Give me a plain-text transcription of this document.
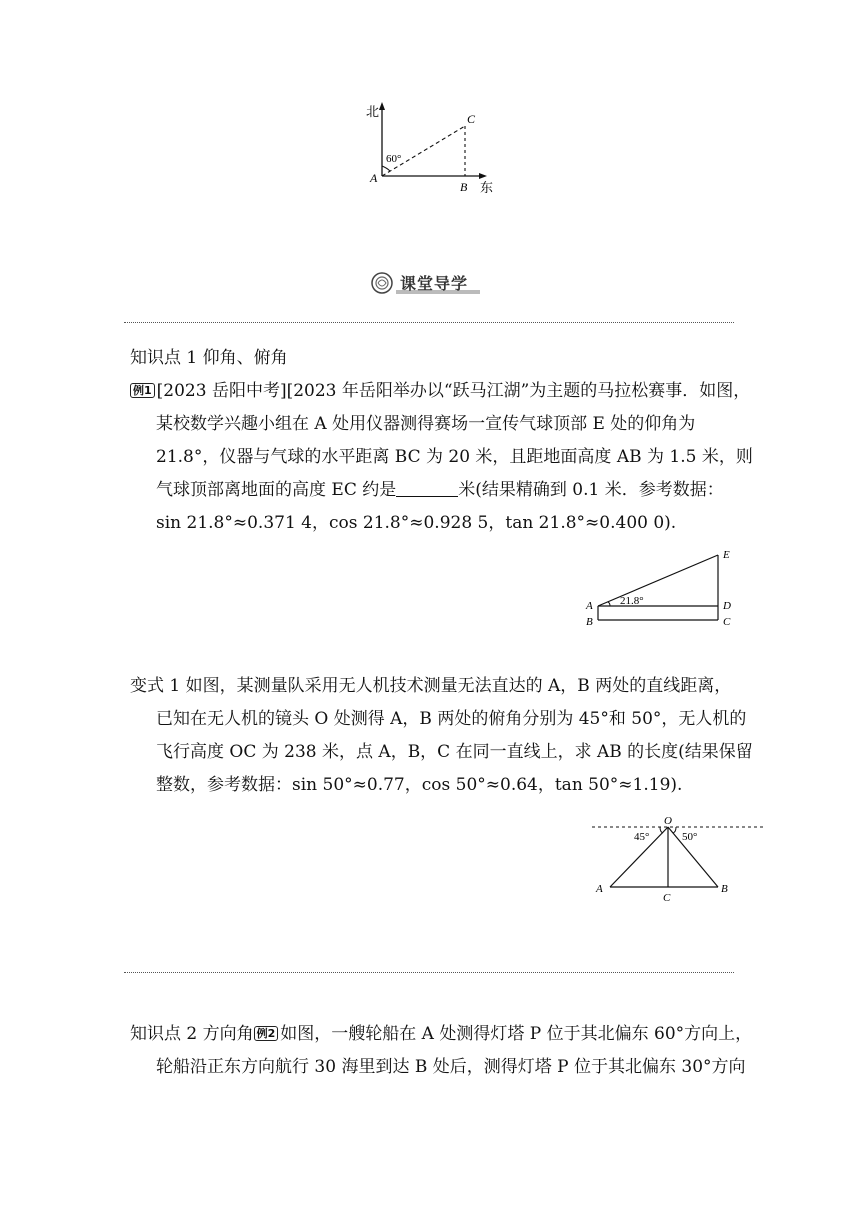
北
东
A
B
C
60°
课堂导学

知识点 1 仰角、俯角

例1 [2023 岳阳中考][2023 年岳阳举办以“跃马江湖”为主题的马拉松赛事．如图，

某校数学兴趣小组在 A 处用仪器测得赛场一宣传气球顶部 E 处的仰角为

21.8°，仪器与气球的水平距离 BC 为 20 米，且距地面高度 AB 为 1.5 米，则

气球顶部离地面的高度 EC 约是	米(结果精确到 0.1 米．参考数据：

sin 21.8°≈0.371 4，cos 21.8°≈0.928 5，tan 21.8°≈0.400 0).

E
A
B
D
C
21.8°

变式 1 如图，某测量队采用无人机技术测量无法直达的 A，B 两处的直线距离，

已知在无人机的镜头 O 处测得 A，B 两处的俯角分别为 45°和 50°，无人机的

飞行高度 OC 为 238 米，点 A，B，C 在同一直线上，求 AB 的长度(结果保留

整数，参考数据：sin 50°≈0.77，cos 50°≈0.64，tan 50°≈1.19).

O
A
C
B
45°	50°

知识点 2 方向角 例2 如图，一艘轮船在 A 处测得灯塔 P 位于其北偏东 60°方向上，

轮船沿正东方向航行 30 海里到达 B 处后，测得灯塔 P 位于其北偏东 30°方向
